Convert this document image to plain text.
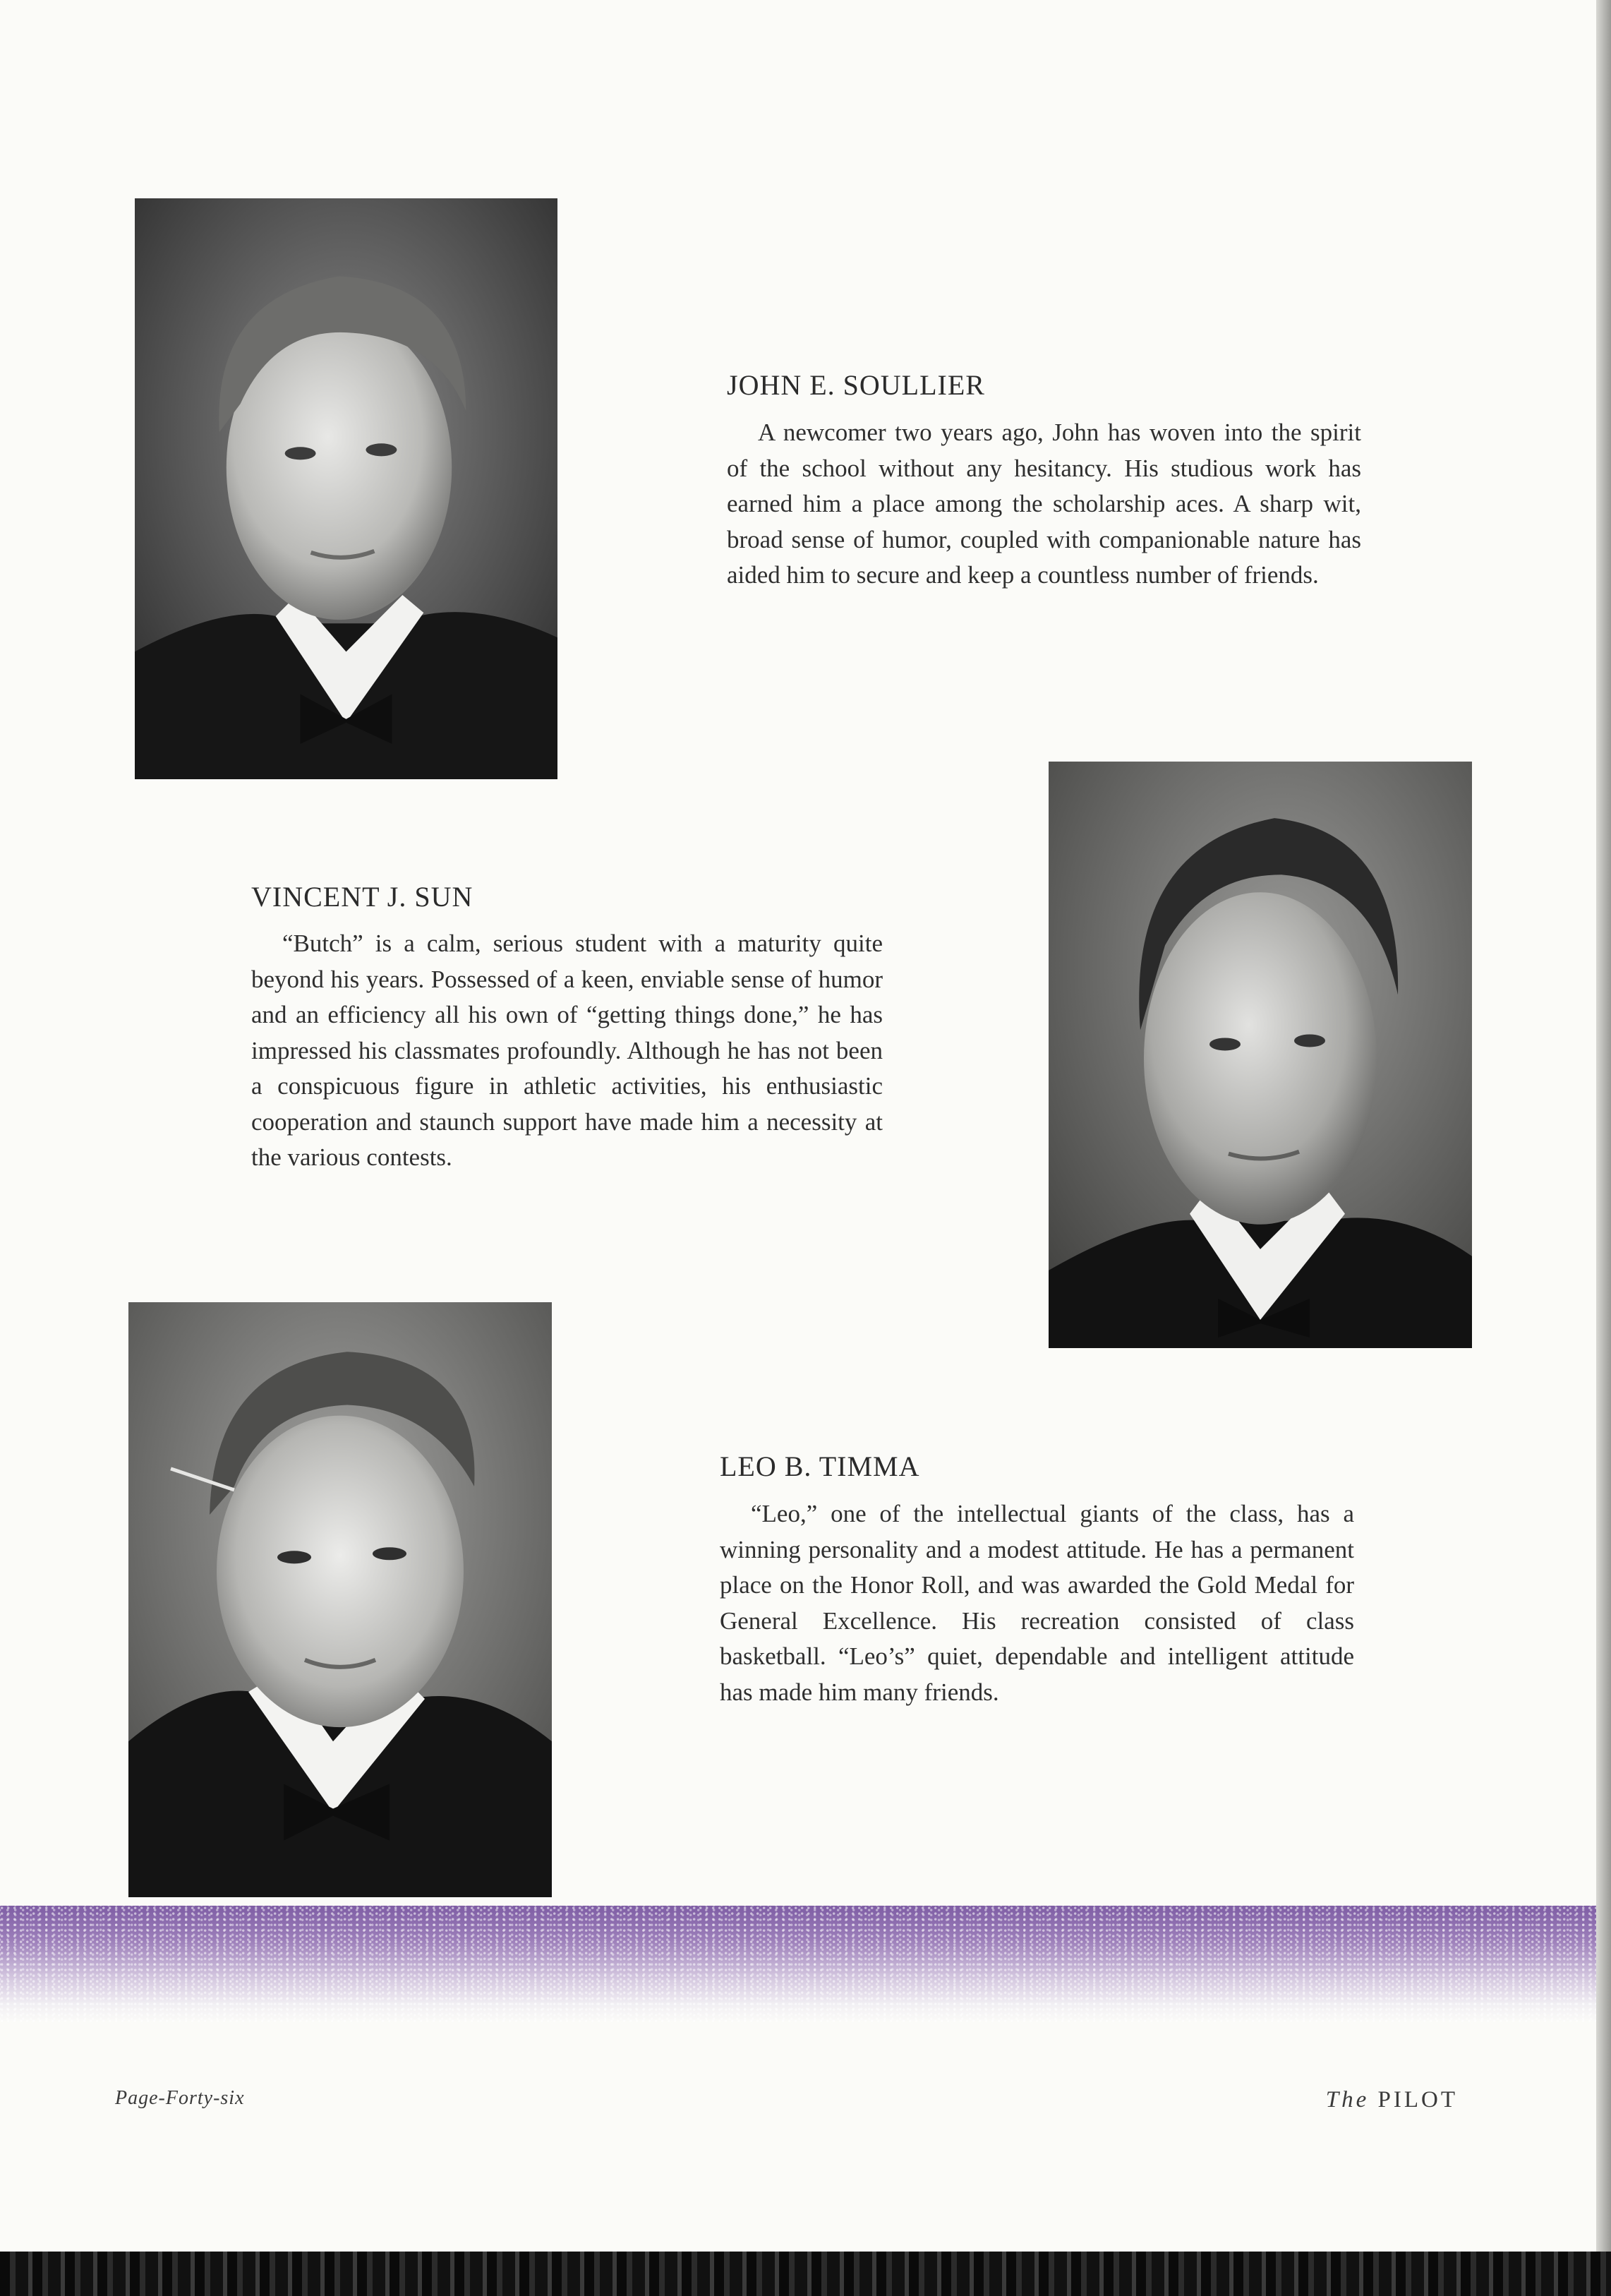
JOHN E. SOULLIER

A newcomer two years ago, John has woven into the spirit of the school without any hesitancy. His studious work has earned him a place among the scholarship aces. A sharp wit, broad sense of humor, coupled with companionable nature has aided him to secure and keep a countless number of friends.

VINCENT J. SUN

“Butch” is a calm, serious student with a maturity quite beyond his years. Possessed of a keen, enviable sense of humor and an efficiency all his own of “getting things done,” he has impressed his classmates profoundly. Although he has not been a conspicuous figure in athletic activities, his enthusiastic cooperation and staunch support have made him a necessity at the various contests.

LEO B. TIMMA

“Leo,” one of the intellectual giants of the class, has a winning personality and a modest attitude. He has a permanent place on the Honor Roll, and was awarded the Gold Medal for General Excellence. His recreation consisted of class basketball. “Leo’s” quiet, dependable and intelligent attitude has made him many friends.

Page-Forty-six	The PILOT
